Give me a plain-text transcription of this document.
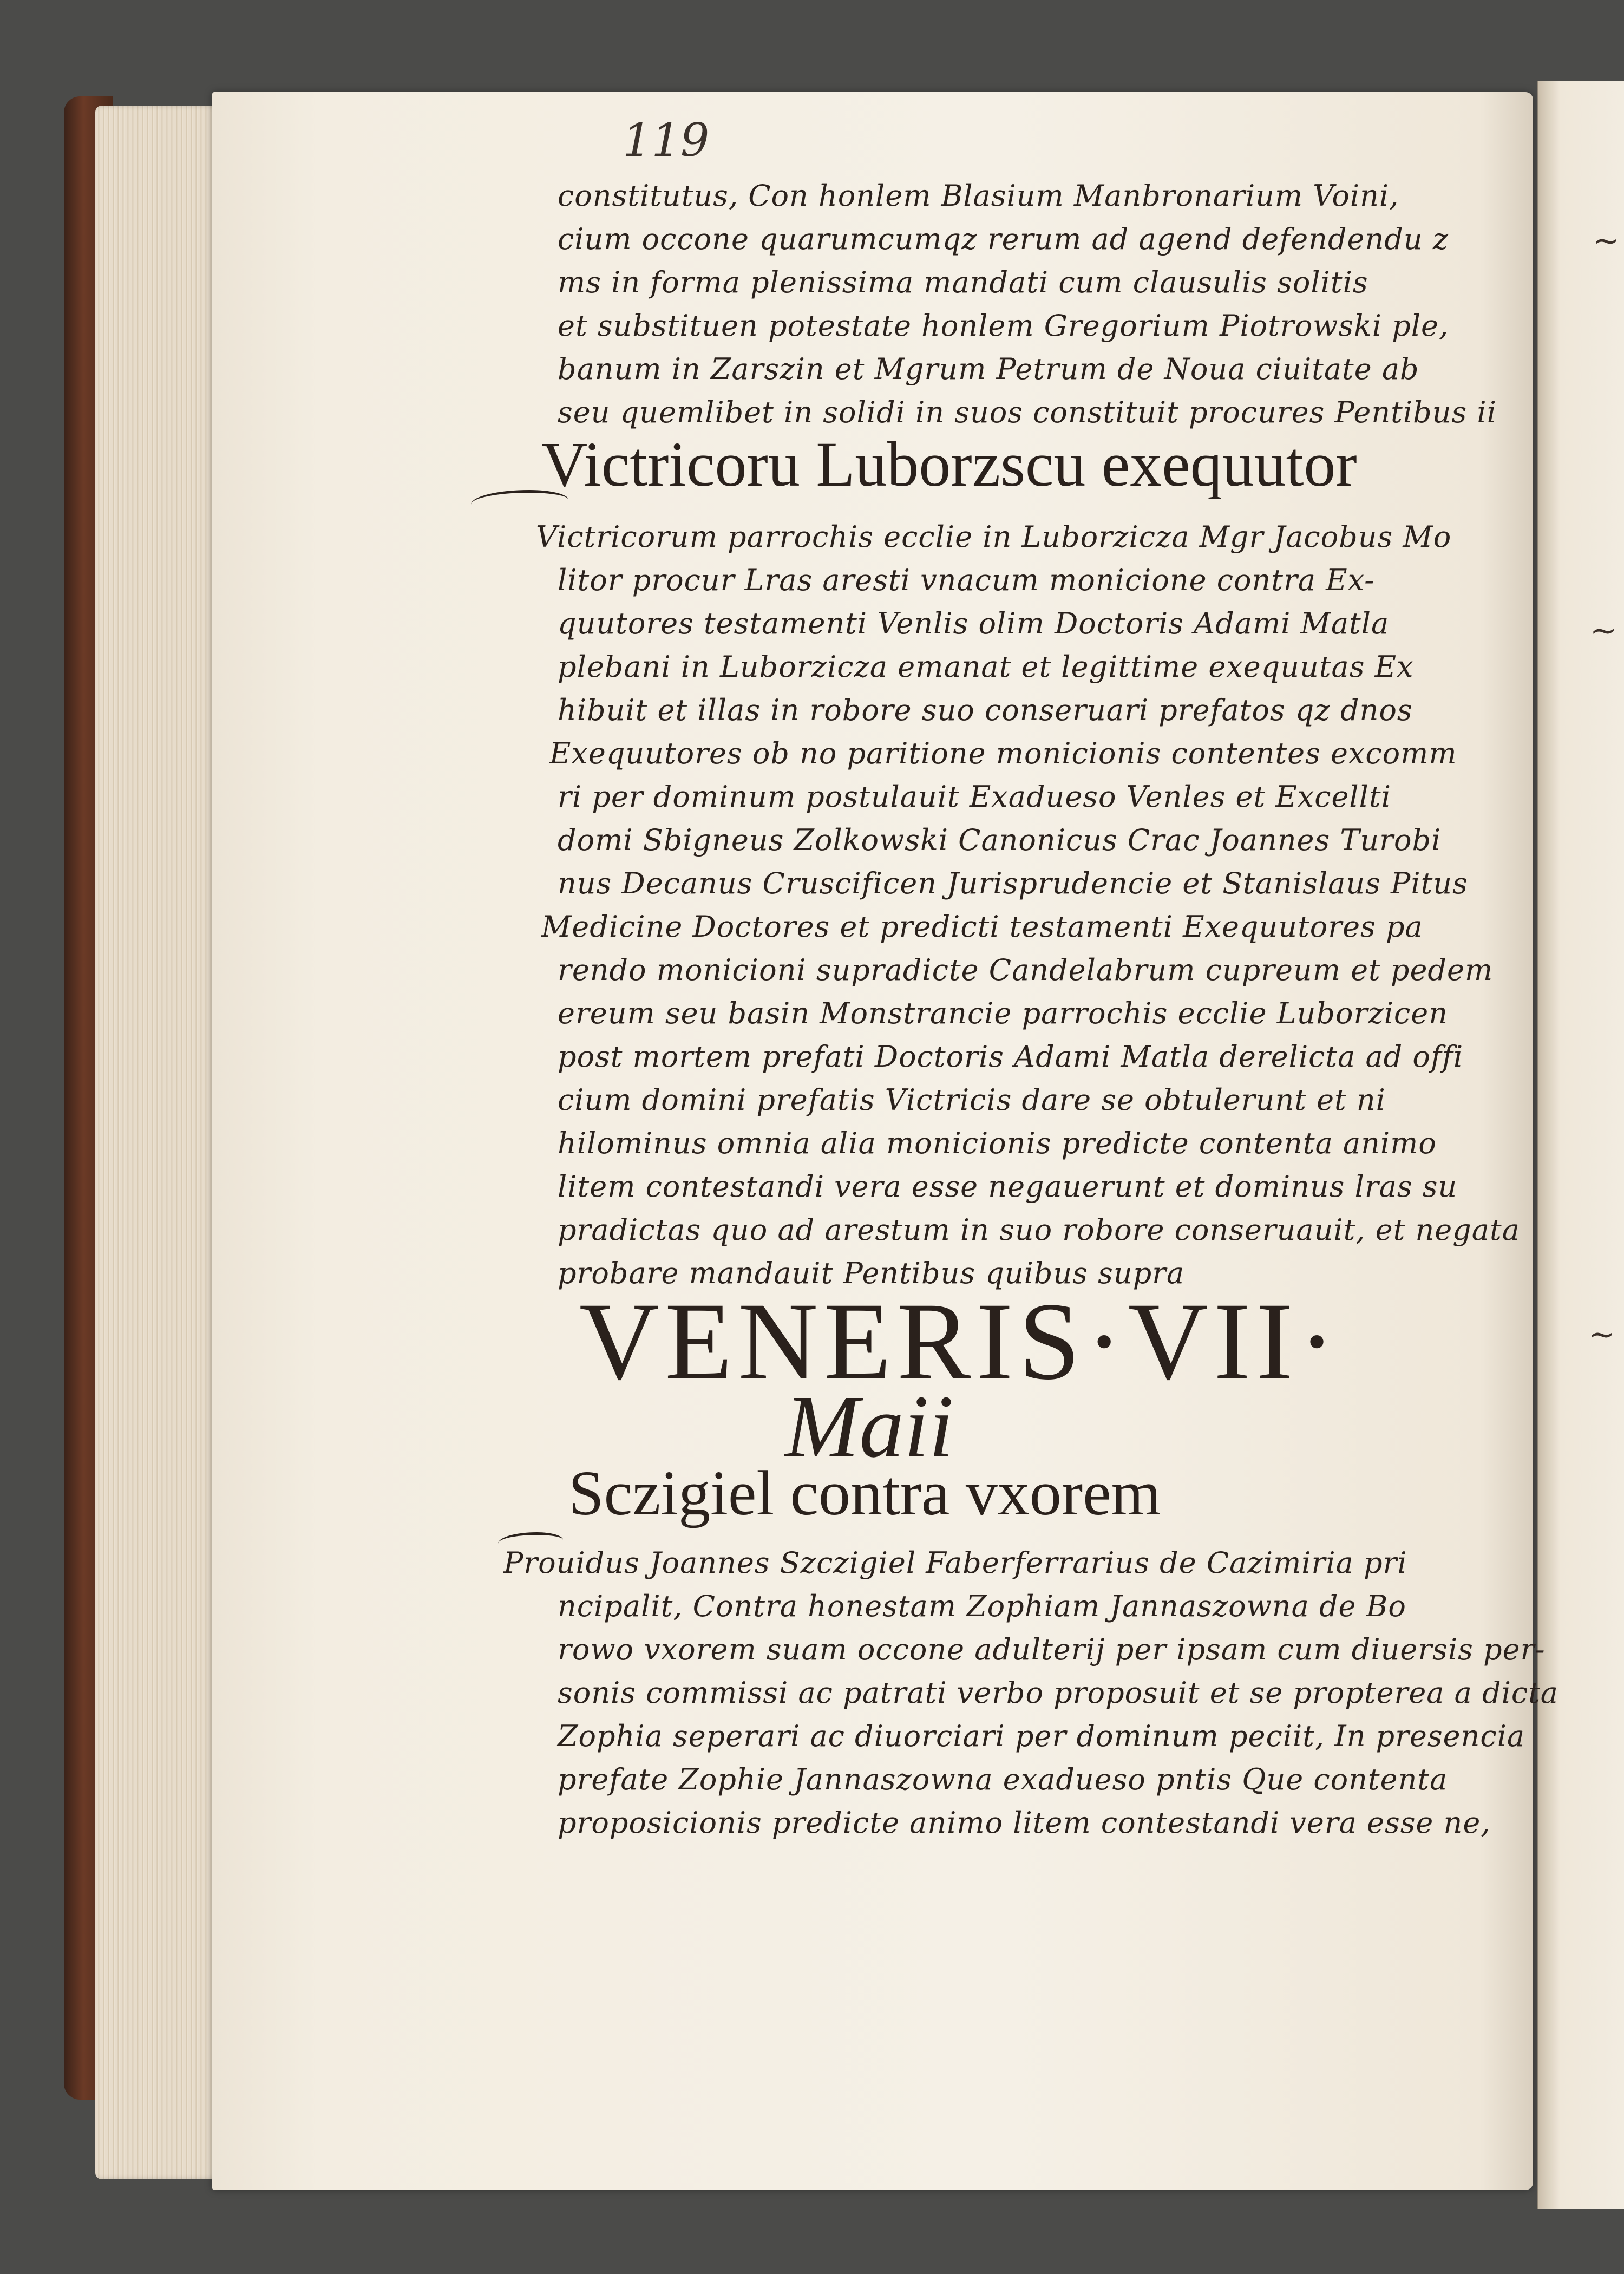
~
~
~
119
constitutus, Con honlem Blasium Manbronarium Voini,
cium occone quarumcumqz rerum ad agend defendendu z
ms in forma plenissima mandati cum clausulis solitis
et substituen potestate honlem Gregorium Piotrowski ple,
banum in Zarszin et Mgrum Petrum de Noua ciuitate ab
seu quemlibet in solidi in suos constituit procures Pentibus ii
Victricoru Luborzscu exequutor
Victricorum parrochis ecclie in Luborzicza Mgr Jacobus Mo
litor procur Lras aresti vnacum monicione contra Ex-
quutores testamenti Venlis olim Doctoris Adami Matla
plebani in Luborzicza emanat et legittime exequutas Ex
hibuit et illas in robore suo conseruari prefatos qz dnos
Exequutores ob no paritione monicionis contentes excomm
ri per dominum postulauit Exadueso Venles et Excellti
domi Sbigneus Zolkowski Canonicus Crac Joannes Turobi
nus Decanus Cruscificen Jurisprudencie et Stanislaus Pitus
Medicine Doctores et predicti testamenti Exequutores pa
rendo monicioni supradicte Candelabrum cupreum et pedem
ereum seu basin Monstrancie parrochis ecclie Luborzicen
post mortem prefati Doctoris Adami Matla derelicta ad offi
cium domini prefatis Victricis dare se obtulerunt et ni
hilominus omnia alia monicionis predicte contenta animo
litem contestandi vera esse negauerunt et dominus lras su
pradictas quo ad arestum in suo robore conseruauit, et negata
probare mandauit Pentibus quibus supra
VENERIS·VII·
Maii
Sczigiel contra vxorem
Prouidus Joannes Szczigiel Faberferrarius de Cazimiria pri
ncipalit, Contra honestam Zophiam Jannaszowna de Bo
rowo vxorem suam occone adulterij per ipsam cum diuersis per-
sonis commissi ac patrati verbo proposuit et se propterea a dicta
Zophia seperari ac diuorciari per dominum peciit, In presencia
prefate Zophie Jannaszowna exadueso pntis Que contenta
proposicionis predicte animo litem contestandi vera esse ne,
